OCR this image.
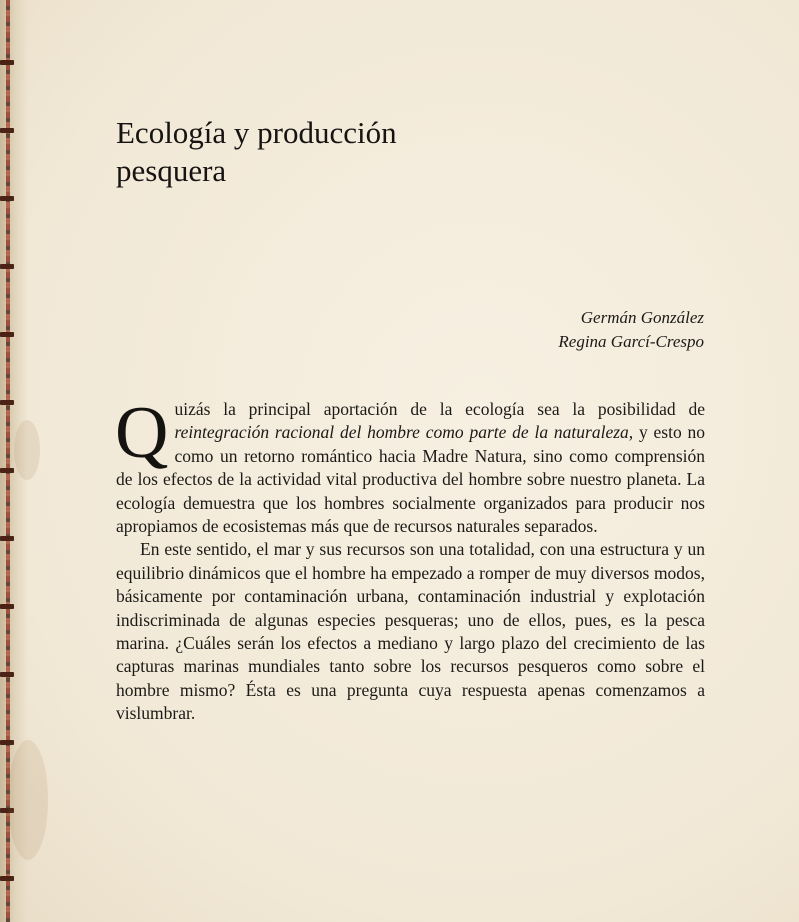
Ecología y producción
pesquera
Germán González
Regina Garcí-Crespo

Quizás la principal aportación de la ecología sea la posibilidad de reintegración racional del hombre como parte de la naturaleza, y esto no como un retorno romántico hacia Madre Natura, sino como comprensión de los efectos de la actividad vital productiva del hombre sobre nuestro planeta. La ecología demuestra que los hombres socialmente organizados para producir nos apropiamos de ecosistemas más que de recursos naturales separados.

En este sentido, el mar y sus recursos son una totalidad, con una estructura y un equilibrio dinámicos que el hombre ha empezado a romper de muy diversos modos, básicamente por contaminación urbana, contaminación industrial y explotación indiscriminada de algunas especies pesqueras; uno de ellos, pues, es la pesca marina. ¿Cuáles serán los efectos a mediano y largo plazo del crecimiento de las capturas marinas mundiales tanto sobre los recursos pesqueros como sobre el hombre mismo? Ésta es una pregunta cuya respuesta apenas comenzamos a vislumbrar.
